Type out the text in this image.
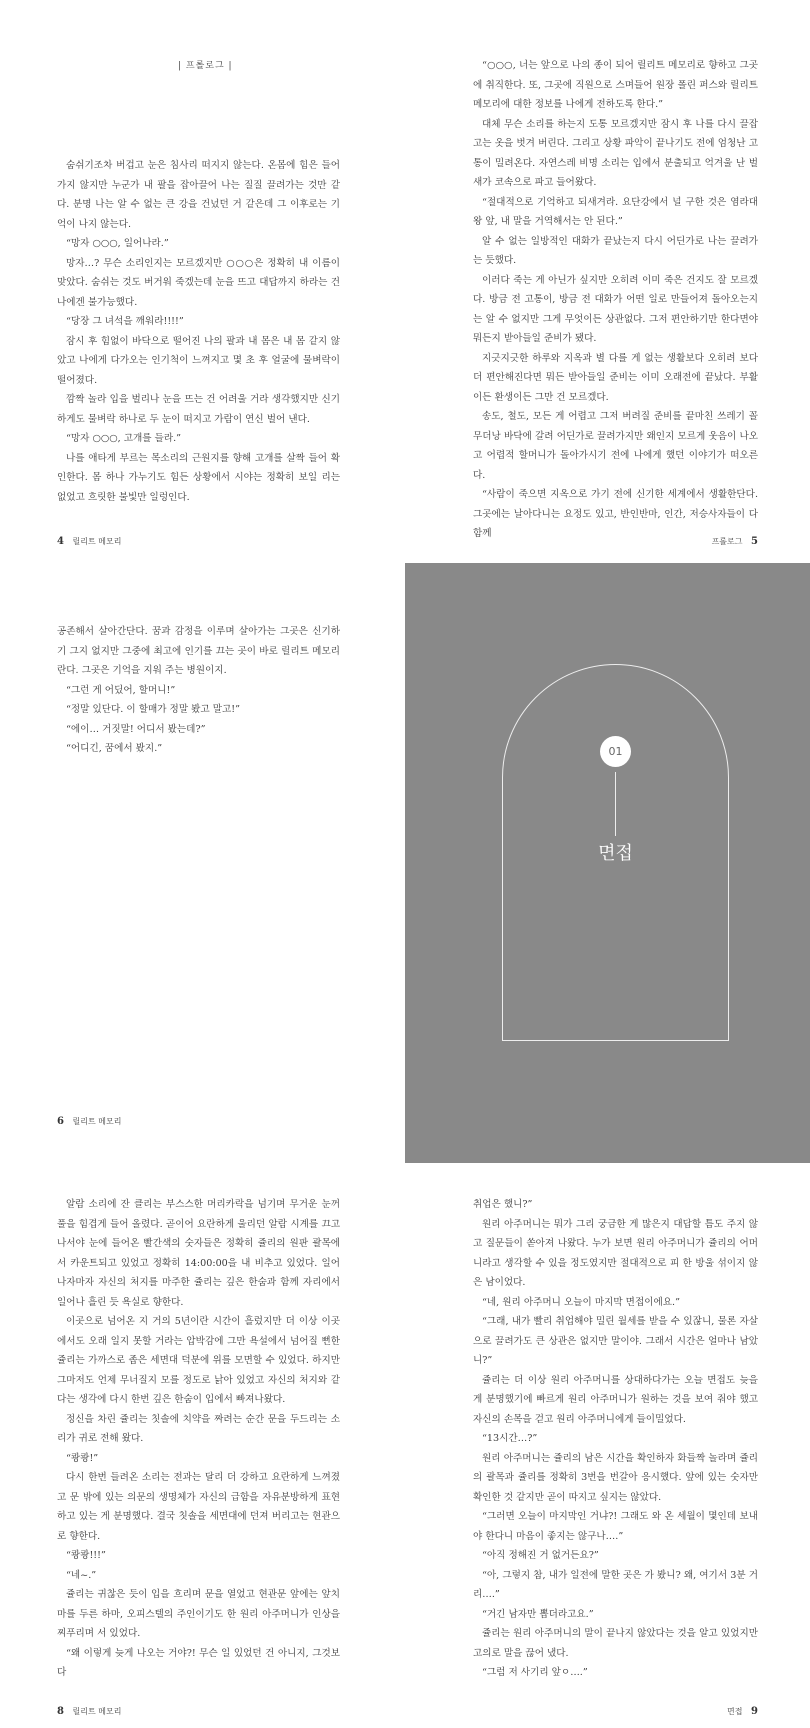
| 프롤로그 |

숨쉬기조차 버겁고 눈은 침사리 떠지지 않는다. 온몸에 힘은 들어가지 않지만 누군가 내 팔을 잡아끌어 나는 질질 끌려가는 것만 같다. 분명 나는 알 수 없는 큰 강을 건넜던 거 같은데 그 이후로는 기억이 나지 않는다.

“망자 ○○○, 일어나라.”

망자…? 무슨 소리인지는 모르겠지만 ○○○은 정확히 내 이름이 맞았다. 숨쉬는 것도 버거워 죽겠는데 눈을 뜨고 대답까지 하라는 건 나에겐 불가능했다.

“당장 그 녀석을 깨워라!!!!”

잠시 후 힘없이 바닥으로 떨어진 나의 팔과 내 몸은 내 몸 같지 않았고 나에게 다가오는 인기척이 느껴지고 몇 초 후 얼굴에 물벼락이 떨어졌다.

깜짝 놀라 입을 벌리나 눈을 뜨는 건 어려울 거라 생각했지만 신기하게도 물벼락 하나로 두 눈이 떠지고 가람이 연신 벌어 낸다.

“망자 ○○○, 고개를 들라.”

나를 애타게 부르는 목소리의 근원지를 향해 고개를 살짝 들어 확인한다. 몸 하나 가누기도 힘든 상황에서 시야는 정확히 보일 리는 없었고 흐릿한 불빛만 일렁인다.

4 릴리트 메모리

“○○○, 너는 앞으로 나의 종이 되어 릴리트 메모리로 향하고 그곳에 취직한다. 또, 그곳에 직원으로 스며들어 원장 폴린 퍼스와 릴리트 메모리에 대한 정보를 나에게 전하도록 한다.”

대체 무슨 소리를 하는지 도통 모르겠지만 잠시 후 나를 다시 끌잡고는 옷을 벗겨 버린다. 그리고 상황 파악이 끝나기도 전에 엄청난 고통이 밀려온다. 자연스레 비명 소리는 입에서 분출되고 억겨울 난 벌새가 코속으로 파고 들어왔다.

“절대적으로 기억하고 되새겨라. 요단강에서 널 구한 것은 염라대왕 앞, 내 말을 거역해서는 안 된다.”

알 수 없는 일방적인 대화가 끝났는지 다시 어딘가로 나는 끌려가는 듯했다.

이러다 죽는 게 아닌가 싶지만 오히려 이미 죽은 건지도 잘 모르겠다. 방금 전 고통이, 방금 전 대화가 어떤 일로 만들어져 돌아오는지는 알 수 없지만 그게 무엇이든 상관없다. 그저 편안하기만 한다면야 뭐든지 받아들일 준비가 됐다.

지긋지긋한 하루와 지옥과 별 다를 게 없는 생활보다 오히려 보다 더 편안해진다면 뭐든 받아들일 준비는 이미 오래전에 끝났다. 부활이든 환생이든 그만 건 모르겠다.

송도, 철도, 모든 게 어렵고 그저 버려질 준비를 끝마친 쓰레기 꼴무더낭 바닥에 갈려 어딘가로 끌려가지만 왜인지 모르게 웃음이 나오고 어렵적 할머니가 돌아가시기 전에 나에게 했던 이야기가 떠오른다.

“사람이 죽으면 지옥으로 가기 전에 신기한 세계에서 생활한단다. 그곳에는 날아다니는 요정도 있고, 반인반마, 인간, 저승사자들이 다 함께

프롤로그 5

공존해서 살아간단다. 꿈과 감정을 이루며 살아가는 그곳은 신기하기 그지 없지만 그중에 최고에 인기를 끄는 곳이 바로 릴리트 메모리란다. 그곳은 기억을 지워 주는 병원이지.

“그런 게 어딨어, 할머니!”

“정말 있단다. 이 할매가 정말 봤고 말고!”

“에이… 거짓말! 어디서 봤는데?”

“어디긴, 꿈에서 봤지.”

6 릴리트 메모리
01
면접

알람 소리에 잔 클리는 부스스한 머리카락을 넘기며 무거운 눈꺼풀을 힘겹게 들어 올렸다. 곧이어 요란하게 울리던 알람 시계를 끄고 나서야 눈에 들어온 빨간색의 숫자들은 정확히 쥴리의 원판 괄목에서 카운트되고 있었고 정확히 14:00:00을 내 비추고 있었다. 일어나자마자 자신의 처지를 마주한 쥴리는 깊은 한숨과 함께 자리에서 일어나 흘린 듯 욕실로 향한다.

이곳으로 넘어온 지 거의 5년이란 시간이 흘렀지만 더 이상 이곳에서도 오래 일지 못할 거라는 압박감에 그만 욕설에서 넘어질 뻔한 쥴리는 가까스로 좁은 세면대 덕분에 위를 모면할 수 있었다. 하지만 그마저도 언제 무너질지 모를 정도로 낡아 있었고 자신의 처지와 같다는 생각에 다시 한번 깊은 한숨이 입에서 빠져나왔다.

정신을 차린 쥴리는 칫솔에 치약을 짜려는 순간 문을 두드리는 소리가 귀로 전해 왔다.

“쾅쾅!”

다시 한번 들려온 소리는 전과는 달리 더 강하고 요란하게 느껴졌고 문 밖에 있는 의문의 생명체가 자신의 급함을 자유분방하게 표현하고 있는 게 분명했다. 결국 칫솔을 세면대에 던져 버리고는 현관으로 향한다.

“쾅쾅!!!”

“네~.”

쥴리는 귀찮은 듯이 입을 흐리며 문을 열었고 현관문 앞에는 앞치마를 두른 하마, 오피스텔의 주인이기도 한 원리 아주머니가 인상을 찌푸리며 서 있었다.

“왜 이렇게 늦게 나오는 거야?! 무슨 일 있었던 건 아니지, 그것보다

8 릴리트 메모리

취업은 했니?”

원리 아주머니는 뭐가 그리 궁금한 게 많은지 대답할 틈도 주지 않고 질문들이 쏟아져 나왔다. 누가 보면 원리 아주머니가 쥴리의 어머니라고 생각할 수 있을 정도였지만 절대적으로 피 한 방울 섞이지 않은 남이었다.

“네, 원리 아주머니 오늘이 마지막 면접이에요.”

“그래, 내가 빨리 취업해야 밀린 월세를 받을 수 있잖니, 물론 자살으로 끌려가도 큰 상관은 없지만 말이야. 그래서 시간은 얼마나 남았니?”

쥴리는 더 이상 원리 아주머니를 상대하다가는 오늘 면접도 늦을 게 분명했기에 빠르게 원리 아주머니가 원하는 것을 보여 줘야 했고 자신의 손목을 걷고 원리 아주머니에게 들이밀었다.

“13시간…?”

원리 아주머니는 쥴리의 남은 시간을 확인하자 화들짝 놀라며 쥴리의 괄목과 쥴리를 정확히 3번을 번갈아 응시했다. 앞에 있는 숫자만 확인한 것 같지만 곧이 따지고 싶지는 않았다.

“그러면 오늘이 마지막인 거냐?! 그래도 와 온 세월이 몇인데 보내야 한다니 마음이 좋지는 않구나….”

“아직 정해진 거 없거든요?”

“아, 그렇지 참, 내가 일전에 말한 곳은 가 봤니? 왜, 여기서 3분 거리….”

“거긴 남자만 뽑더라고요.”

쥴리는 원리 아주머니의 말이 끝나지 않았다는 것을 알고 있었지만 고의로 말을 끊어 냈다.

“그럼 저 사기리 앞ㅇ….”

면접 9
